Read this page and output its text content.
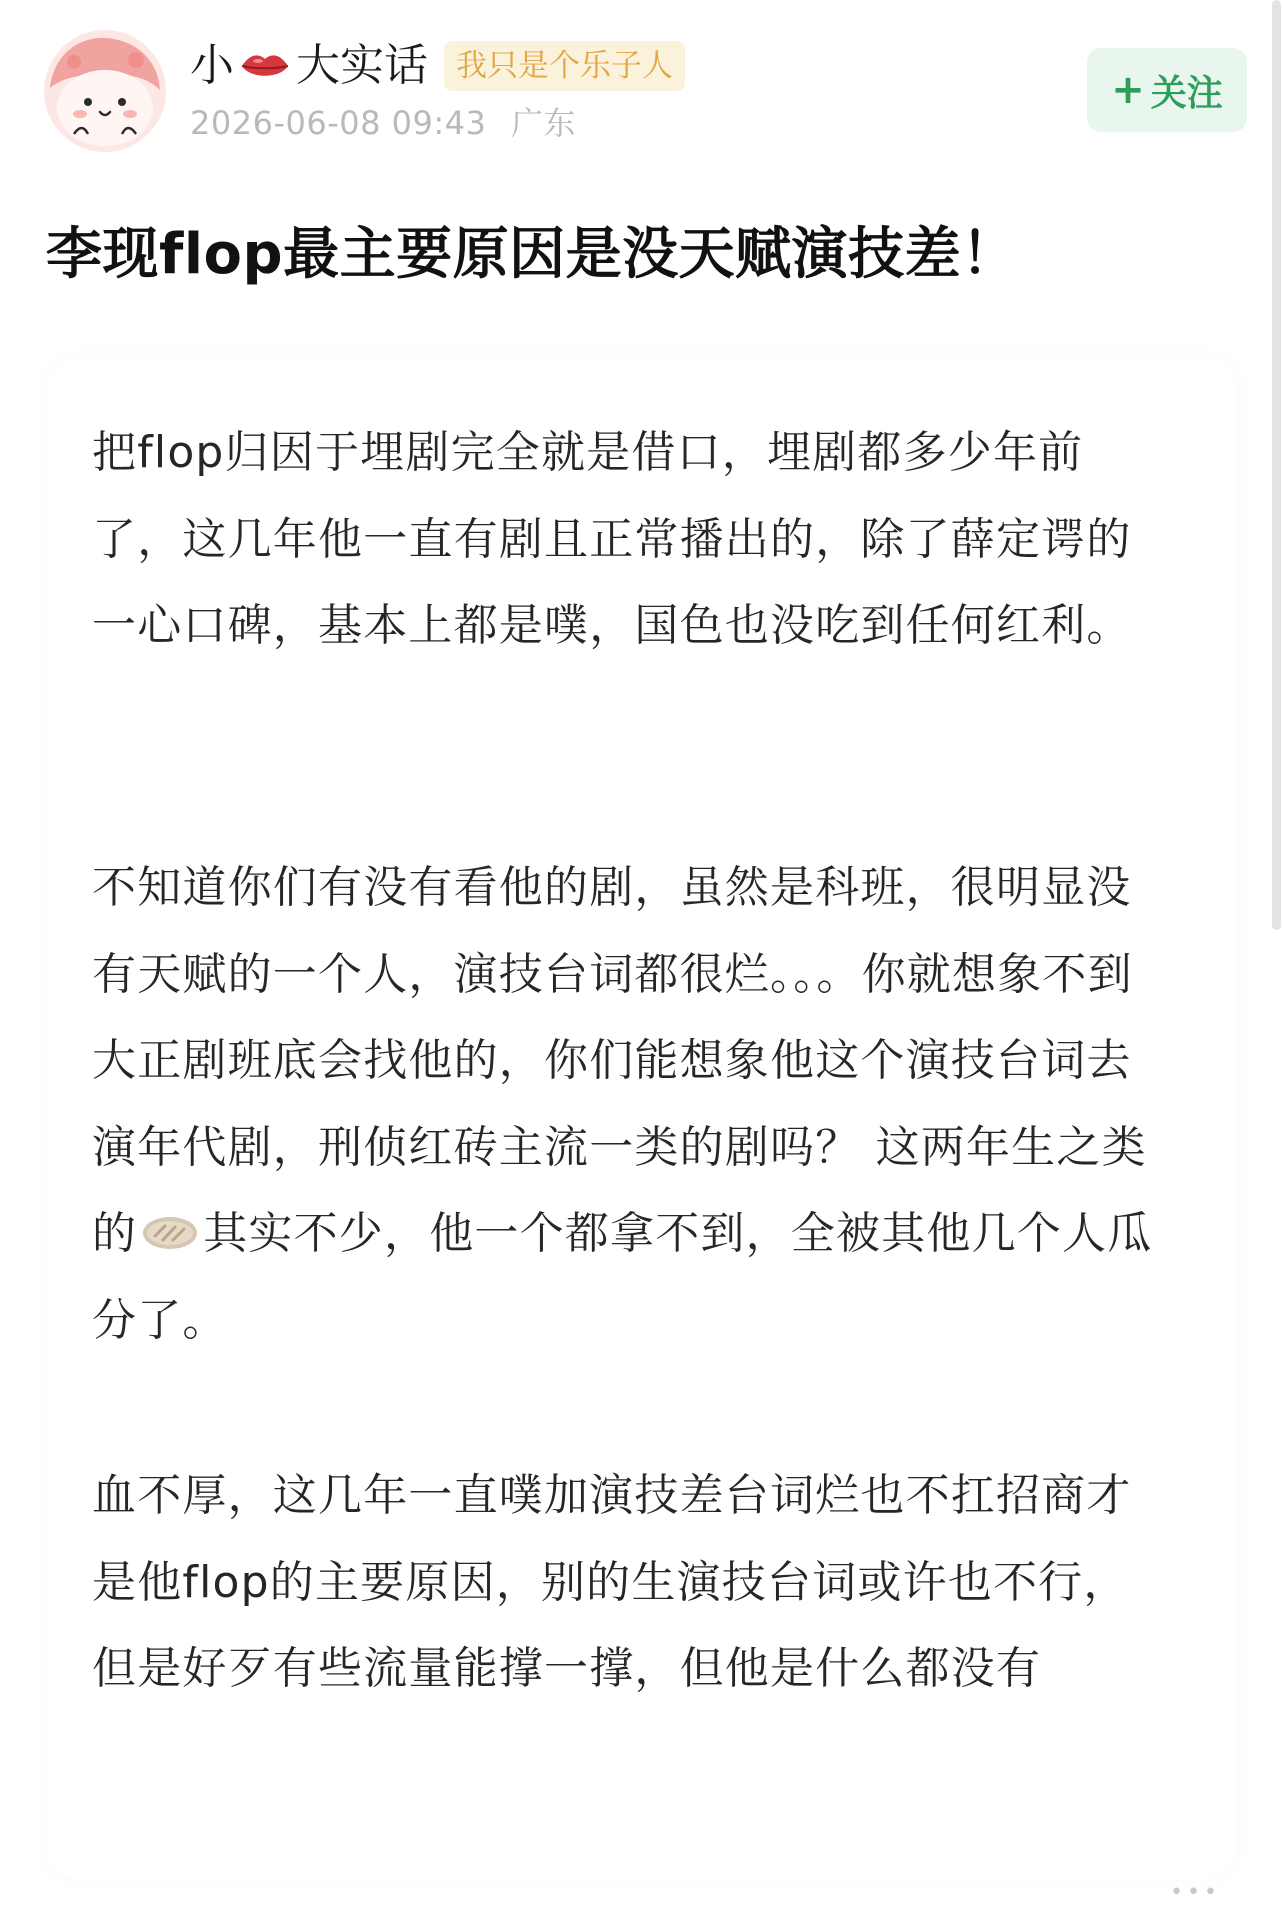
小 大实话 我只是个乐子人
2026-06-08 09:43 广东
+ 关注
李现flop最主要原因是没天赋演技差！

把flop归因于埋剧完全就是借口，埋剧都多少年前了，这几年他一直有剧且正常播出的，除了薛定谔的一心口碑，基本上都是噗，国色也没吃到任何红利。

不知道你们有没有看他的剧，虽然是科班，很明显没有天赋的一个人，演技台词都很烂。。。你就想象不到大正剧班底会找他的，你们能想象他这个演技台词去演年代剧，刑侦红砖主流一类的剧吗？ 这两年生之类的 其实不少，他一个都拿不到，全被其他几个人瓜分了。

血不厚，这几年一直噗加演技差台词烂也不扛招商才是他flop的主要原因，别的生演技台词或许也不行，但是好歹有些流量能撑一撑，但他是什么都没有

•••
